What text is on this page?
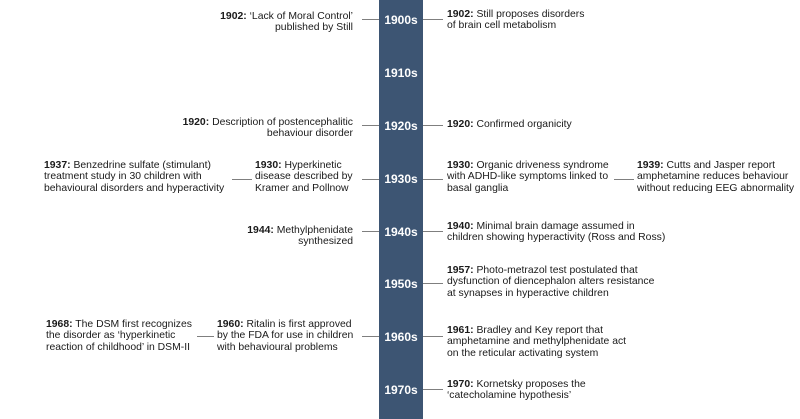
1900s
1910s
1920s
1930s
1940s
1950s
1960s
1970s
1902: ‘Lack of Moral Control’
published by Still
1920: Description of postencephalitic
behaviour disorder
1937: Benzedrine sulfate (stimulant)
treatment study in 30 children with
behavioural disorders and hyperactivity
1930: Hyperkinetic
disease described by
Kramer and Pollnow
1944: Methylphenidate
synthesized
1968: The DSM first recognizes
the disorder as ‘hyperkinetic
reaction of childhood’ in DSM-II
1960: Ritalin is first approved
by the FDA for use in children
with behavioural problems
1902: Still proposes disorders
of brain cell metabolism
1920: Confirmed organicity
1930: Organic driveness syndrome
with ADHD-like symptoms linked to
basal ganglia
1939: Cutts and Jasper report
amphetamine reduces behaviour
without reducing EEG abnormality
1940: Minimal brain damage assumed in
children showing hyperactivity (Ross and Ross)
1957: Photo-metrazol test postulated that
dysfunction of diencephalon alters resistance
at synapses in hyperactive children
1961: Bradley and Key report that
amphetamine and methylphenidate act
on the reticular activating system
1970: Kornetsky proposes the
‘catecholamine hypothesis’
